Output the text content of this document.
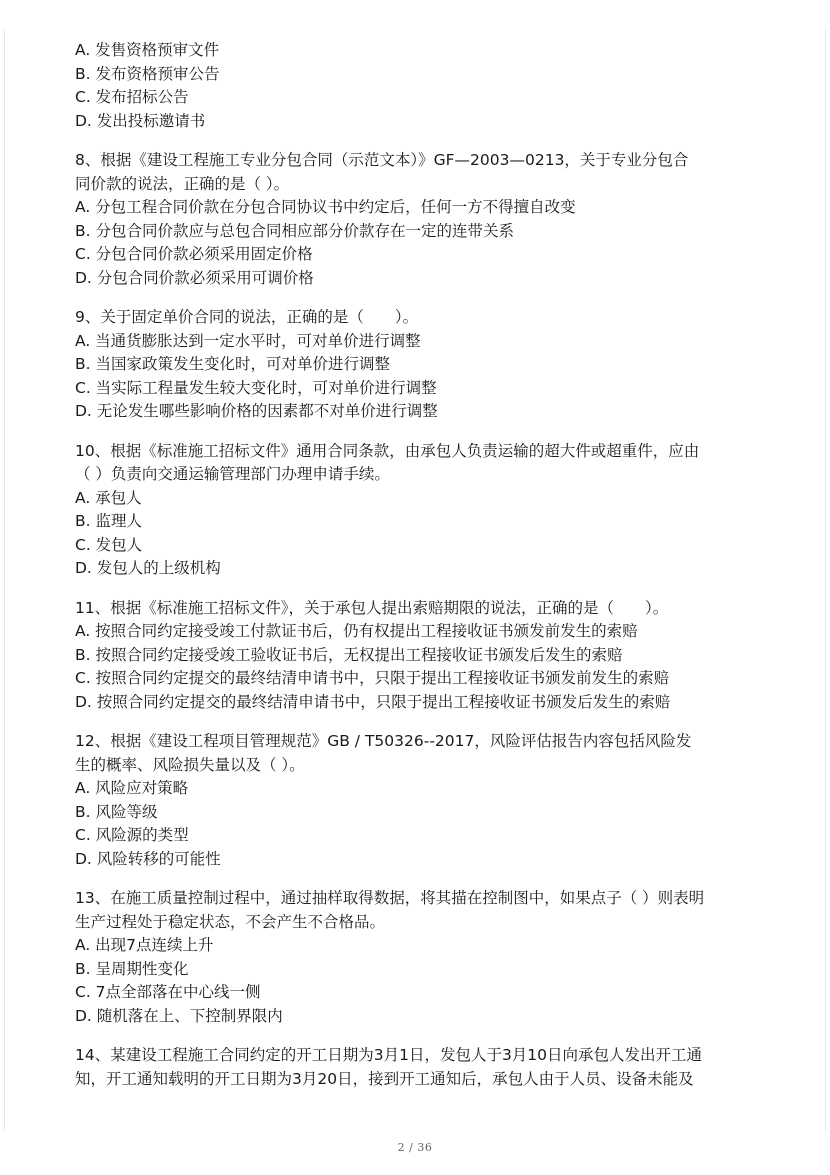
A. 发售资格预审文件
B. 发布资格预审公告
C. 发布招标公告
D. 发出投标邀请书
8、根据《建设工程施工专业分包合同（示范文本）》GF—2003—0213，关于专业分包合
同价款的说法，正确的是（ ）。
A. 分包工程合同价款在分包合同协议书中约定后，任何一方不得擅自改变
B. 分包合同价款应与总包合同相应部分价款存在一定的连带关系
C. 分包合同价款必须采用固定价格
D. 分包合同价款必须采用可调价格
9、关于固定单价合同的说法，正确的是（　　）。
A. 当通货膨胀达到一定水平时，可对单价进行调整
B. 当国家政策发生变化时，可对单价进行调整
C. 当实际工程量发生较大变化时，可对单价进行调整
D. 无论发生哪些影响价格的因素都不对单价进行调整
10、根据《标准施工招标文件》通用合同条款，由承包人负责运输的超大件或超重件，应由
（ ）负责向交通运输管理部门办理申请手续。
A. 承包人
B. 监理人
C. 发包人
D. 发包人的上级机构
11、根据《标准施工招标文件》，关于承包人提出索赔期限的说法，正确的是（　　）。
A. 按照合同约定接受竣工付款证书后，仍有权提出工程接收证书颁发前发生的索赔
B. 按照合同约定接受竣工验收证书后，无权提出工程接收证书颁发后发生的索赔
C. 按照合同约定提交的最终结清申请书中，只限于提出工程接收证书颁发前发生的索赔
D. 按照合同约定提交的最终结清申请书中，只限于提出工程接收证书颁发后发生的索赔
12、根据《建设工程项目管理规范》GB / T50326--2017，风险评估报告内容包括风险发
生的概率、风险损失量以及（ ）。
A. 风险应对策略
B. 风险等级
C. 风险源的类型
D. 风险转移的可能性
13、在施工质量控制过程中，通过抽样取得数据，将其描在控制图中，如果点子（ ）则表明
生产过程处于稳定状态，不会产生不合格品。
A. 出现7点连续上升
B. 呈周期性变化
C. 7点全部落在中心线一侧
D. 随机落在上、下控制界限内
14、某建设工程施工合同约定的开工日期为3月1日，发包人于3月10日向承包人发出开工通
知，开工通知载明的开工日期为3月20日，接到开工通知后，承包人由于人员、设备未能及
2 / 36
